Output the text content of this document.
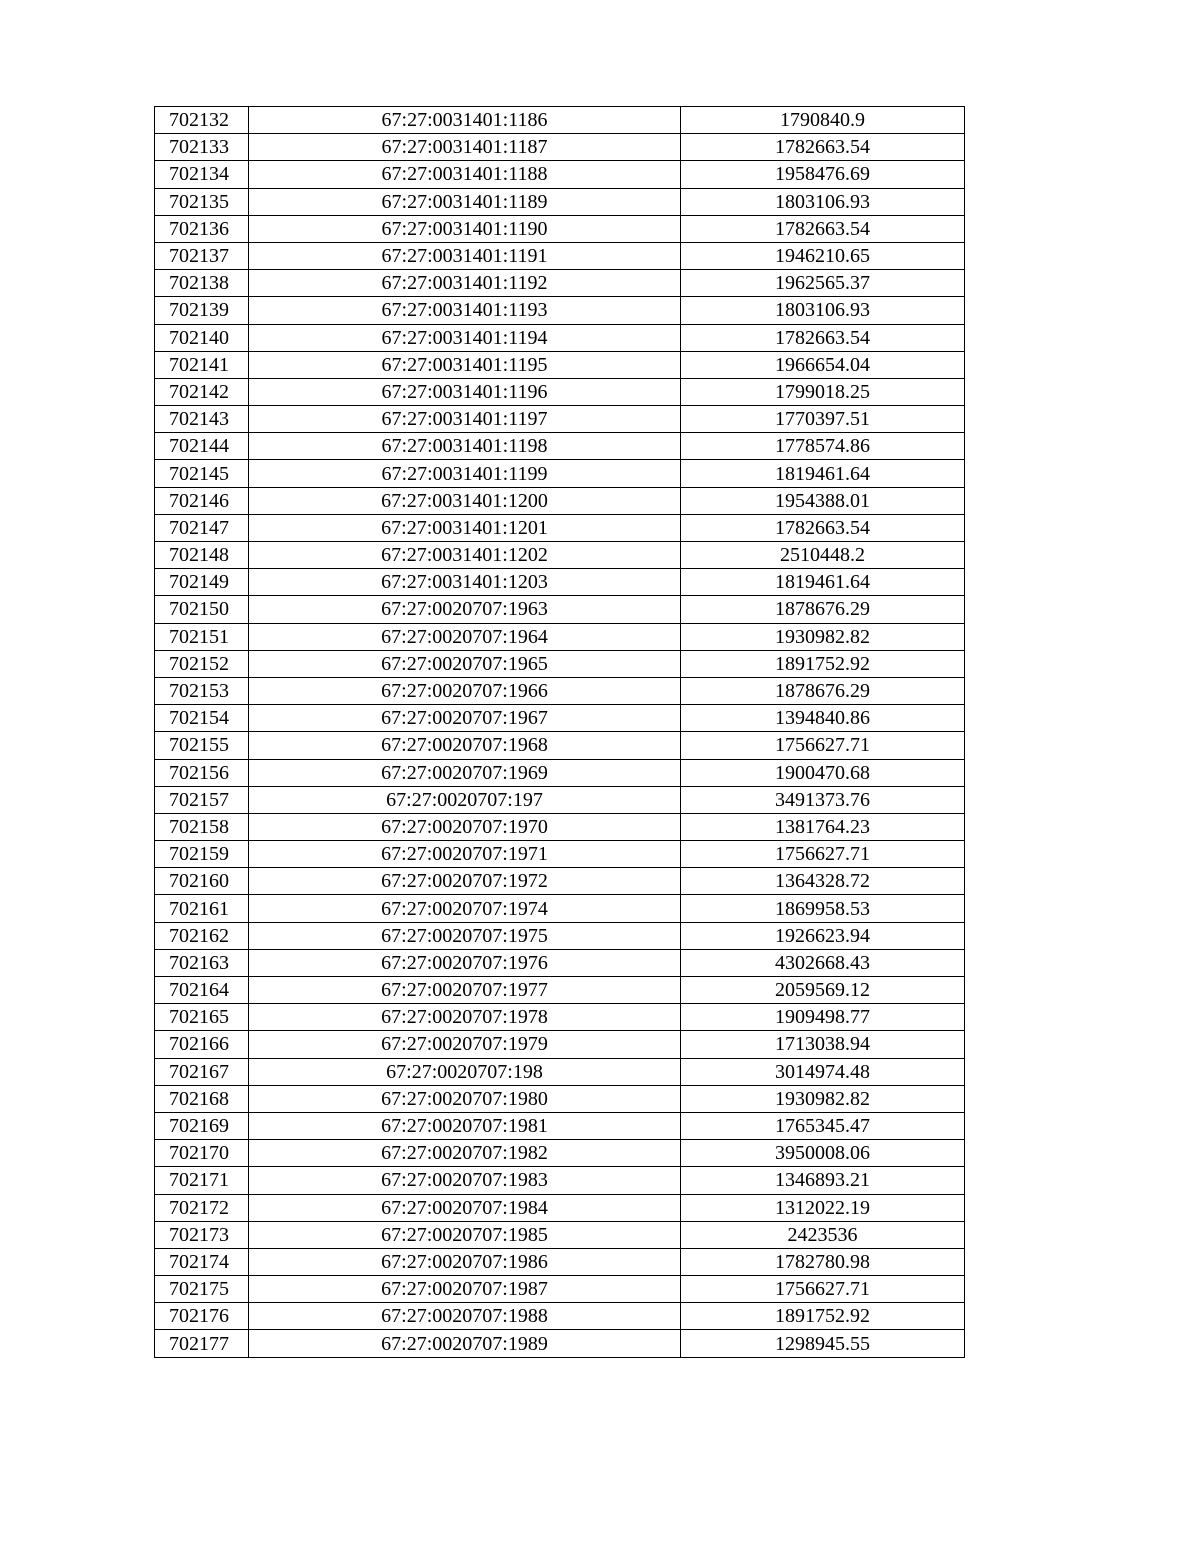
702132	67:27:0031401:1186	1790840.9
702133	67:27:0031401:1187	1782663.54
702134	67:27:0031401:1188	1958476.69
702135	67:27:0031401:1189	1803106.93
702136	67:27:0031401:1190	1782663.54
702137	67:27:0031401:1191	1946210.65
702138	67:27:0031401:1192	1962565.37
702139	67:27:0031401:1193	1803106.93
702140	67:27:0031401:1194	1782663.54
702141	67:27:0031401:1195	1966654.04
702142	67:27:0031401:1196	1799018.25
702143	67:27:0031401:1197	1770397.51
702144	67:27:0031401:1198	1778574.86
702145	67:27:0031401:1199	1819461.64
702146	67:27:0031401:1200	1954388.01
702147	67:27:0031401:1201	1782663.54
702148	67:27:0031401:1202	2510448.2
702149	67:27:0031401:1203	1819461.64
702150	67:27:0020707:1963	1878676.29
702151	67:27:0020707:1964	1930982.82
702152	67:27:0020707:1965	1891752.92
702153	67:27:0020707:1966	1878676.29
702154	67:27:0020707:1967	1394840.86
702155	67:27:0020707:1968	1756627.71
702156	67:27:0020707:1969	1900470.68
702157	67:27:0020707:197	3491373.76
702158	67:27:0020707:1970	1381764.23
702159	67:27:0020707:1971	1756627.71
702160	67:27:0020707:1972	1364328.72
702161	67:27:0020707:1974	1869958.53
702162	67:27:0020707:1975	1926623.94
702163	67:27:0020707:1976	4302668.43
702164	67:27:0020707:1977	2059569.12
702165	67:27:0020707:1978	1909498.77
702166	67:27:0020707:1979	1713038.94
702167	67:27:0020707:198	3014974.48
702168	67:27:0020707:1980	1930982.82
702169	67:27:0020707:1981	1765345.47
702170	67:27:0020707:1982	3950008.06
702171	67:27:0020707:1983	1346893.21
702172	67:27:0020707:1984	1312022.19
702173	67:27:0020707:1985	2423536
702174	67:27:0020707:1986	1782780.98
702175	67:27:0020707:1987	1756627.71
702176	67:27:0020707:1988	1891752.92
702177	67:27:0020707:1989	1298945.55
